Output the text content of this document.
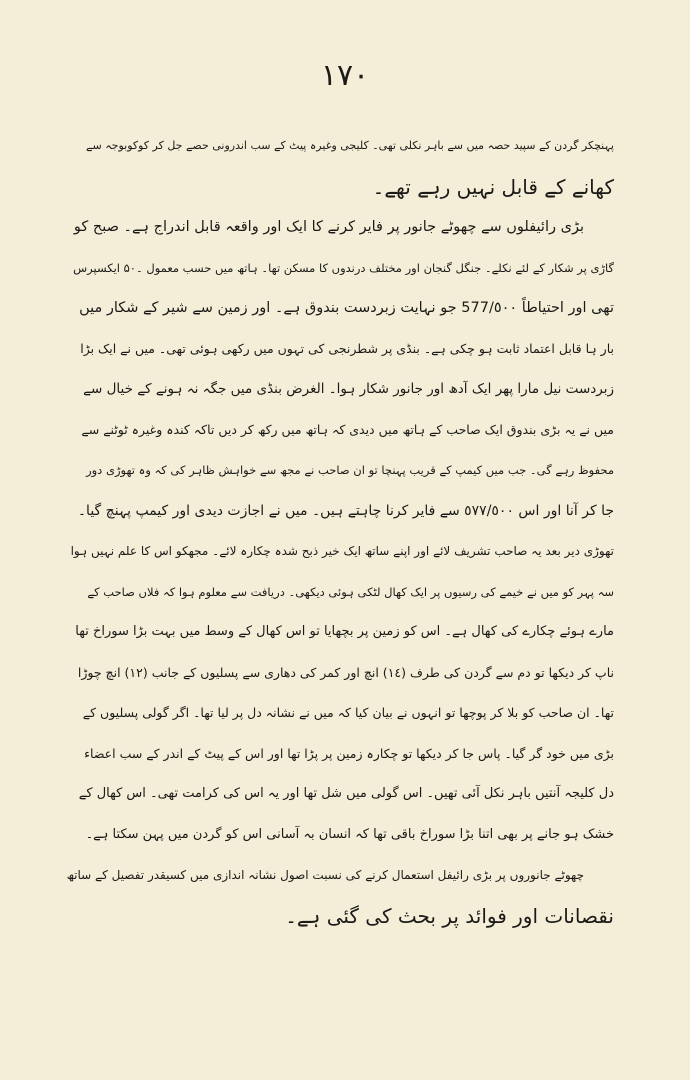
١٧٠
پہنچکر گردن کے سپید حصہ میں سے باہر نکلی تھی۔ کلیجی وغیرہ پیٹ کے سب اندرونی حصے جل کر کوکوبوجہ سے
کھانے کے قابل نہیں رہے تھے۔
بڑی رائیفلوں سے چھوٹے جانور پر فایر کرنے کا ایک اور واقعہ قابل اندراج ہے۔ صبح کو
گاڑی پر شکار کے لئے نکلے۔ جنگل گنجان اور مختلف درندوں کا مسکن تھا۔ ہاتھ میں حسب معمول ۔۵۰ ایکسپرس
تھی اور احتیاطاً 577/٥٠٠ جو نہایت زبردست بندوق ہے۔ اور زمین سے شیر کے شکار میں
بار ہا قابل اعتماد ثابت ہو چکی ہے۔ بنڈی پر شطرنجی کی تہوں میں رکھی ہوئی تھی۔ میں نے ایک بڑا
زبردست نیل مارا پھر ایک آدھ اور جانور شکار ہوا۔ الغرض بنڈی میں جگہ نہ ہونے کے خیال سے
میں نے یہ بڑی بندوق ایک صاحب کے ہاتھ میں دیدی کہ ہاتھ میں رکھ کر دیں تاکہ کندہ وغیرہ ٹوٹنے سے
محفوظ رہے گی۔ جب میں کیمپ کے قریب پہنچا تو ان صاحب نے مجھ سے خواہش ظاہر کی کہ وہ تھوڑی دور
جا کر آنا اور اس ٥٧٧/٥٠٠ سے فایر کرنا چاہتے ہیں۔ میں نے اجازت دیدی اور کیمپ پہنچ گیا۔
تھوڑی دیر بعد یہ صاحب تشریف لائے اور اپنے ساتھ ایک خیر ذبح شدہ چکارہ لائے۔ مجھکو اس کا علم نہیں ہوا
سہ پہر کو میں نے خیمے کی رسیوں پر ایک کھال لٹکی ہوئی دیکھی۔ دریافت سے معلوم ہوا کہ فلاں صاحب کے
مارے ہوئے چکارے کی کھال ہے۔ اس کو زمین پر بچھایا تو اس کھال کے وسط میں بہت بڑا سوراخ تھا
ناپ کر دیکھا تو دم سے گردن کی طرف (١٤) انچ اور کمر کی دھاری سے پسلیوں کے جانب (١٢) انچ چوڑا
تھا۔ ان صاحب کو بلا کر پوچھا تو انہوں نے بیان کیا کہ میں نے نشانہ دل پر لیا تھا۔ اگر گولی پسلیوں کے
بڑی میں خود گر گیا۔ پاس جا کر دیکھا تو چکارہ زمین پر پڑا تھا اور اس کے پیٹ کے اندر کے سب اعضاء
دل کلیجہ آنتیں باہر نکل آئی تھیں۔ اس گولی میں شل تھا اور یہ اس کی کرامت تھی۔ اس کھال کے
خشک ہو جانے پر بھی اتنا بڑا سوراخ باقی تھا کہ انسان بہ آسانی اس کو گردن میں پہن سکتا ہے۔
چھوٹے جانوروں پر بڑی رائیفل استعمال کرنے کی نسبت اصول نشانہ اندازی میں کسیقدر تفصیل کے ساتھ
نقصانات اور فوائد پر بحث کی گئی ہے۔
